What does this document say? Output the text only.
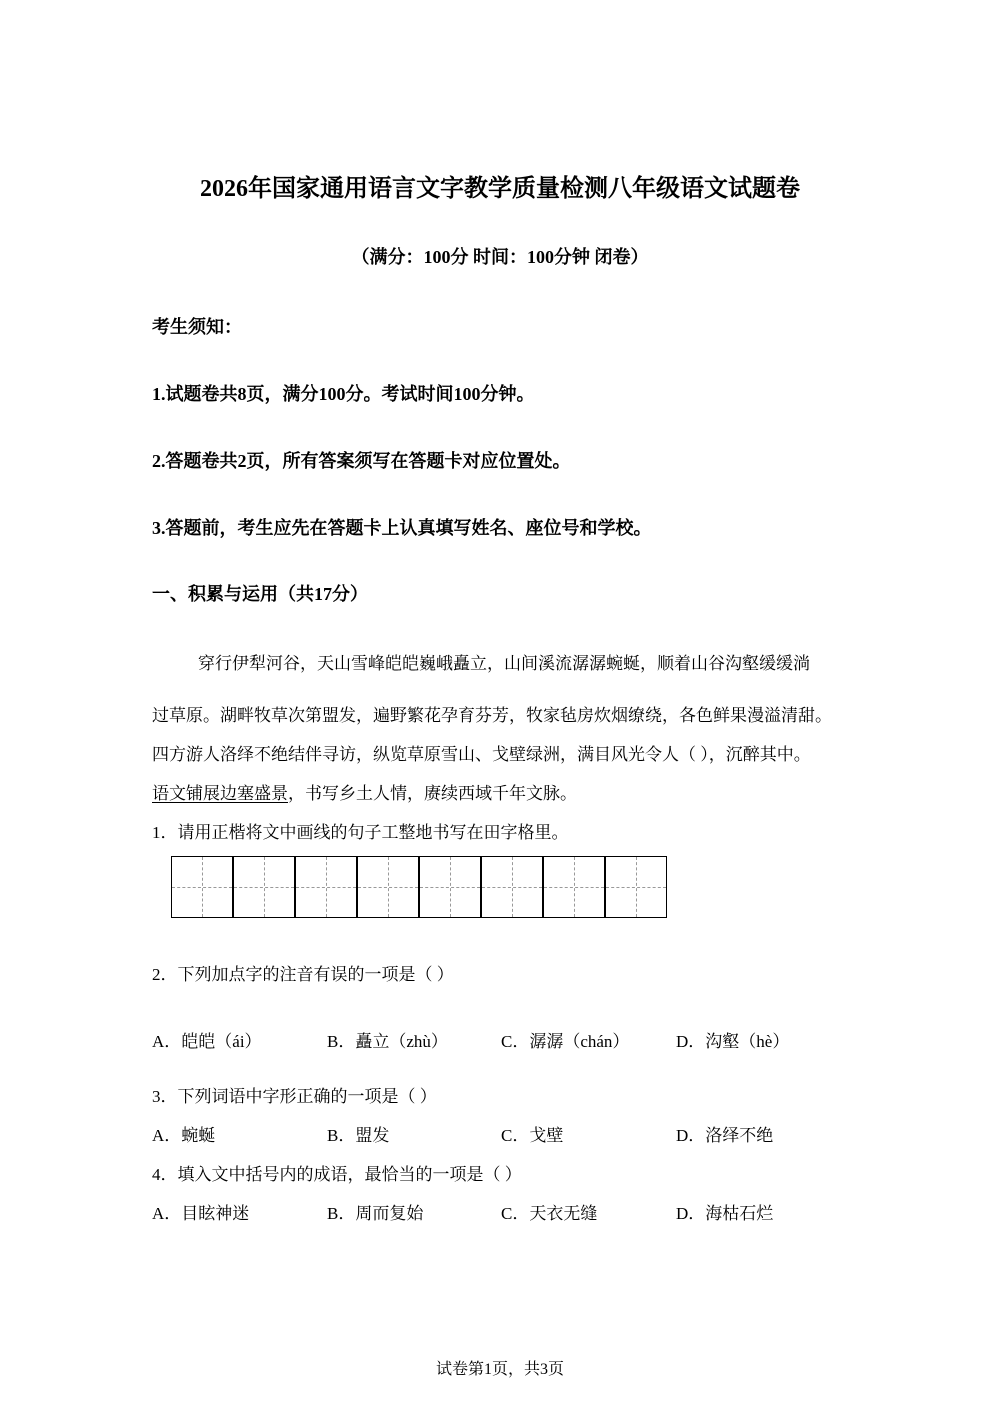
2026年国家通用语言文字教学质量检测八年级语文试题卷
（满分：100分 时间：100分钟 闭卷）
考生须知：
1.试题卷共8页，满分100分。考试时间100分钟。
2.答题卷共2页，所有答案须写在答题卡对应位置处。
3.答题前，考生应先在答题卡上认真填写姓名、座位号和学校。
一、积累与运用（共17分）
穿行伊犁河谷，天山雪峰皑皑巍峨矗立，山间溪流潺潺蜿蜒，顺着山谷沟壑缓缓淌
过草原。湖畔牧草次第盟发，遍野繁花孕育芬芳，牧家毡房炊烟缭绕，各色鲜果漫溢清甜。
四方游人洛绎不绝结伴寻访，纵览草原雪山、戈壁绿洲，满目风光令人（ ），沉醉其中。
语文铺展边塞盛景，书写乡土人情，赓续西域千年文脉。
1．请用正楷将文中画线的句子工整地书写在田字格里。
2．下列加点字的注音有误的一项是（ ）
A．皑皑（ái）	B．矗立（zhù）	C．潺潺（chán）	D．沟壑（hè）
3．下列词语中字形正确的一项是（ ）
A．蜿蜒	B．盟发	C．戈壁	D．洛绎不绝
4．填入文中括号内的成语，最恰当的一项是（ ）
A．目眩神迷	B．周而复始	C．天衣无缝	D．海枯石烂
试卷第1页，共3页
